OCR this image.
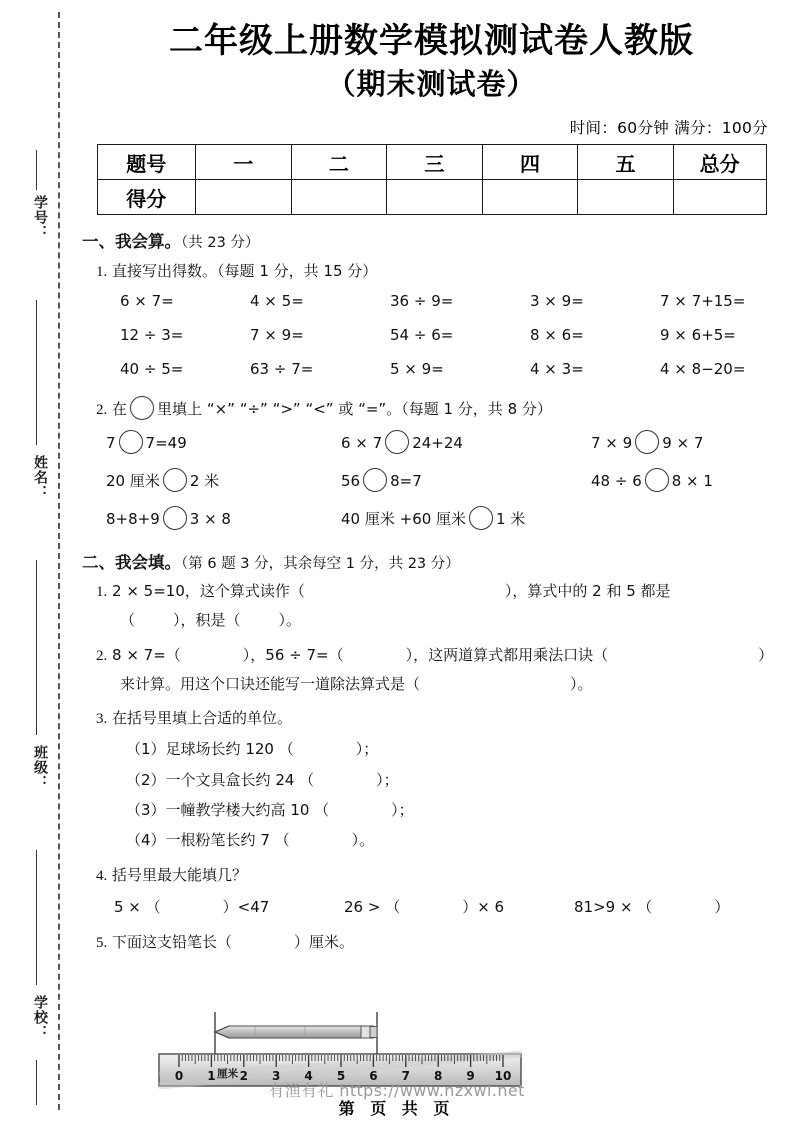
学号：
姓名：
班级：
学校：
二年级上册数学模拟测试卷人教版
（期末测试卷）
时间：60分钟 满分：100分
题号	一	二	三	四	五	总分
得分						
一、我会算。（共 23 分）
1. 直接写出得数。（每题 1 分，共 15 分）
6 × 7=	4 × 5=	36 ÷ 9=	3 × 9=	7 × 7+15=
12 ÷ 3=	7 × 9=	54 ÷ 6=	8 × 6=	9 × 6+5=
40 ÷ 5=	63 ÷ 7=	5 × 9=	4 × 3=	4 × 8−20=
2. 在 里填上 “×” “÷” “>” “<” 或 “=”。（每题 1 分，共 8 分）
7 7=49	6 × 7 24+24	7 × 9 9 × 7
20 厘米 2 米	56 8=7	48 ÷ 6 8 × 1
8+8+9 3 × 8	40 厘米 +60 厘米 1 米
二、我会填。（第 6 题 3 分，其余每空 1 分，共 23 分）
1. 2 × 5=10，这个算式读作（	），算式中的 2 和 5 都是
（	），积是（	）。
2. 8 × 7=（	），56 ÷ 7=（	），这两道算式都用乘法口诀（	）
来计算。用这个口诀还能写一道除法算式是（	）。
3. 在括号里填上合适的单位。
（1）足球场长约 120 （	）；
（2）一个文具盒长约 24 （	）；
（3）一幢教学楼大约高 10 （	）；
（4）一根粉笔长约 7 （	）。
4. 括号里最大能填几？
5 × （	）<47	26 > （	）× 6	81>9 × （	）
5. 下面这支铅笔长（	）厘米。
0 1 2 3 4 5 6 7 8 9 10
厘米
有渔有礼 https://www.nzxwl.net
第 页 共 页
